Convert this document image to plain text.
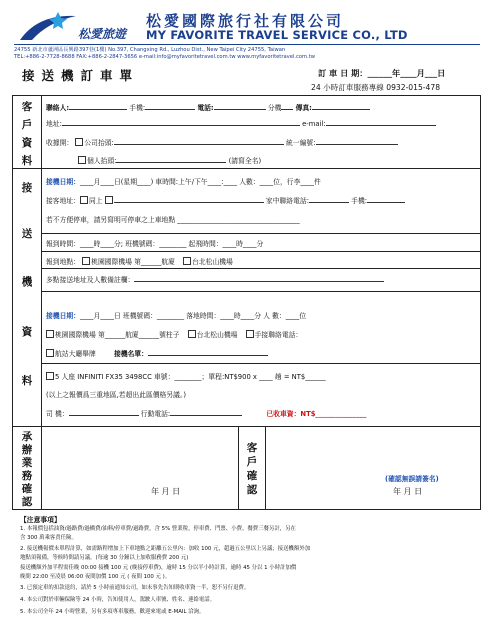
松愛旅遊
松愛國際旅行社有限公司
MY FAVORITE TRAVEL SERVICE CO., LTD
24755 新北市蘆洲區長興路397巷(1樓) No.397, Changxing Rd., Luzhou Dist., New Taipei City 24755, Taiwan
TEL:+886-2-7728-8688 FAX:+886-2-2847-3656 e-mail:info@myfavoritetravel.com.tw www.myfavoritetravel.com.tw
接送機訂車單	訂 車 日 期：______年____月___日
24 小時訂車服務專線 0932-015-478
客
戶
資
料
聯絡人:	手機:	電話:	分機 傳真:
地址:	e-mail:
收據開： 公司抬頭:	統一編號:
個人抬頭:	(請寫全名)
接
送
機
資
料
接機日期：____月____日(星期____) 車時間:上午/下午____:____ 人數：____位，行李____件
接客地址： 同上	家中聯絡電話:	手機:
若不方便停車，請另寫明可停車之上車地點 ____________________________________
報到時間：____時____分; 班機號碼：________ 起飛時間：____時____分
報到地點： 桃園國際機場 第______航廈	台北松山機場
多點接送地址及人數備註欄：
接機日期：____月____日 班機號碼：________ 落地時間：____時____分 人 數：____位
桃園國際機場 第______航廈______號柱子	台北松山機場	手接聯絡電話：
航站大廳舉牌	接機名單：
5 人座 INFINITI FX35 3498CC 車號：________；單程:NT$900 x ____ 趟 = NT$______
(以上之報價爲三重地區,若超出此區價格另議。)
司 機：	行動電話:	已收車資：NT$_______________
承
辦
業
務
確
認
年 月 日
客
戶
確
認
(確認無誤請簽名)
年 月 日
【注意事項】
1. 本報價包括油資/過路費/過橋費/油料/停車費/過路費，含 5% 營業稅，停車費、門票、小費、餐費三餐另計，另在
含 300 萬乘客責任險。
2. 接送機報價未單程計算，如需路程增加上下車地點之距離五公里內：加收 100 元，超過五公里以上另議；接送機額外加
地點須報備，等候時間請另議。(每逾 30 分鐘以上加收服務費 200 元)
接送機額外加半程需佳晚 00:00 接機 100 元 (晚接停車費)，逾時 15 分以半小時計算，逾時 45 分以 1 小時計加價
晚間 22:00 至凌晨 06:00 夜間加價 100 元 ( 夜間 100 元 )。
3. 已預定車的扣款退約，請於 5 小時前通知公司，如未事先告知則收車資一半，恕不另行退費。
4. 本公司對於車輛保險等 24 小時，告知使用人，駕駛人車號、姓名、連絡電話。
5. 本公司全年 24 小時營業，另有多項專車服務，歡迎來電或 E-MAIL 洽詢。
